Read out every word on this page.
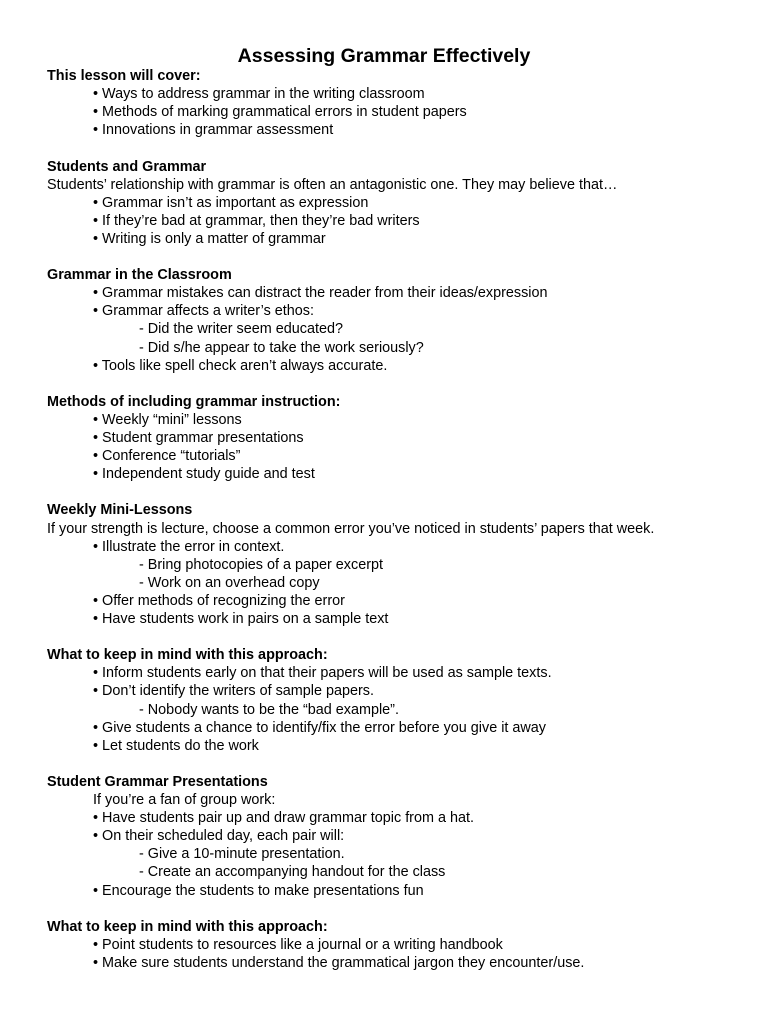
Assessing Grammar Effectively
This lesson will cover:
• Ways to address grammar in the writing classroom
• Methods of marking grammatical errors in student papers
• Innovations in grammar assessment
Students and Grammar
Students’ relationship with grammar is often an antagonistic one. They may believe that…
• Grammar isn’t as important as expression
• If they’re bad at grammar, then they’re bad writers
• Writing is only a matter of grammar
Grammar in the Classroom
• Grammar mistakes can distract the reader from their ideas/expression
• Grammar affects a writer’s ethos:
- Did the writer seem educated?
- Did s/he appear to take the work seriously?
• Tools like spell check aren’t always accurate.
Methods of including grammar instruction:
• Weekly “mini” lessons
• Student grammar presentations
• Conference “tutorials”
• Independent study guide and test
Weekly Mini-Lessons
If your strength is lecture, choose a common error you’ve noticed in students’ papers that week.
• Illustrate the error in context.
- Bring photocopies of a paper excerpt
- Work on an overhead copy
• Offer methods of recognizing the error
• Have students work in pairs on a sample text
What to keep in mind with this approach:
• Inform students early on that their papers will be used as sample texts.
• Don’t identify the writers of sample papers.
- Nobody wants to be the “bad example”.
• Give students a chance to identify/fix the error before you give it away
• Let students do the work
Student Grammar Presentations
If you’re a fan of group work:
• Have students pair up and draw grammar topic from a hat.
• On their scheduled day, each pair will:
- Give a 10-minute presentation.
- Create an accompanying handout for the class
• Encourage the students to make presentations fun
What to keep in mind with this approach:
• Point students to resources like a journal or a writing handbook
• Make sure students understand the grammatical jargon they encounter/use.
